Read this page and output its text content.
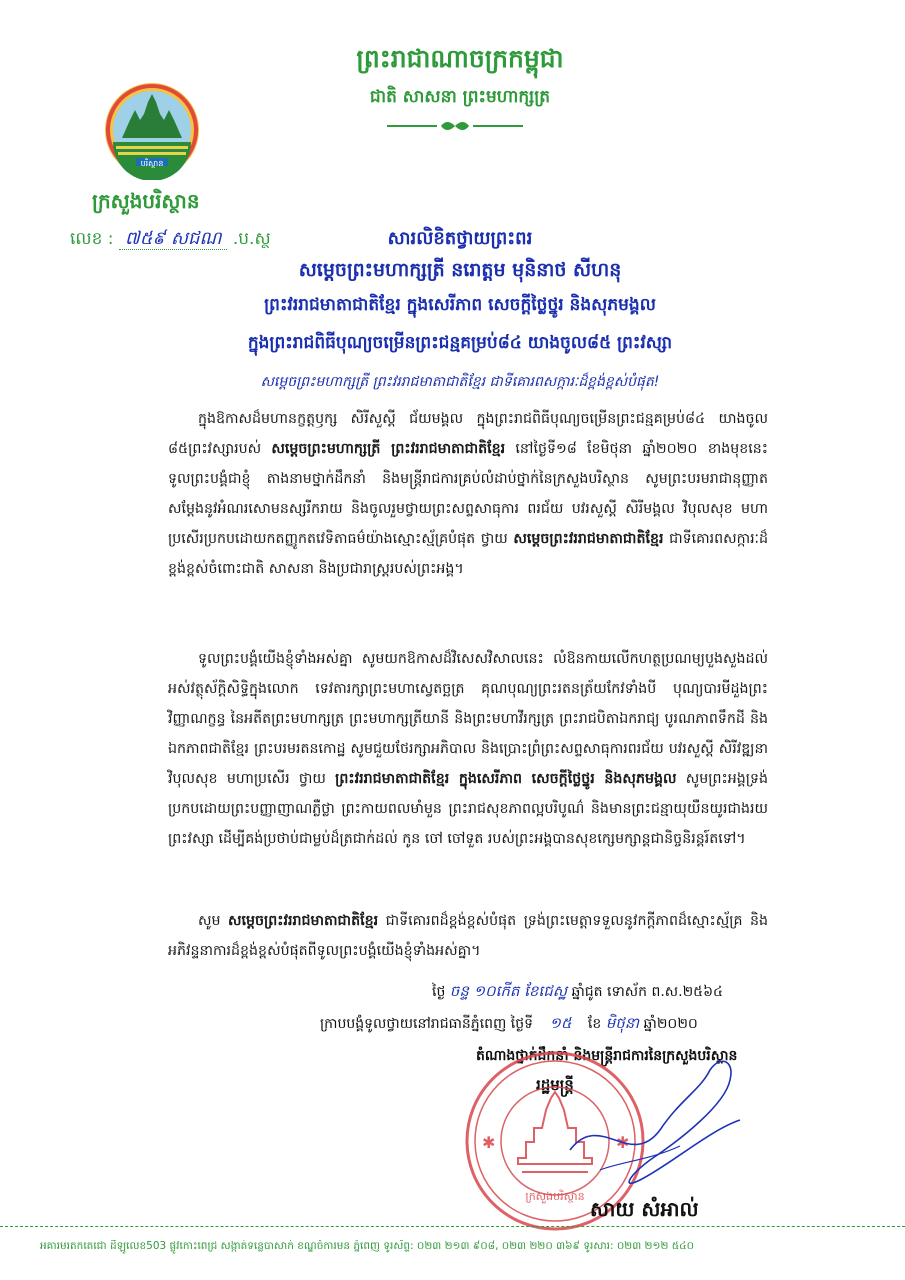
ព្រះរាជាណាចក្រកម្ពុជា
ជាតិ សាសនា ព្រះមហាក្សត្រ
បរិស្ថាន
ក្រសួងបរិស្ថាន
លេខ : ៧៥៩ សជណ .ប.ស្ថ	សារលិខិតថ្វាយព្រះពរ
សម្តេចព្រះមហាក្សត្រី នរោត្តម មុនិនាថ សីហនុ
ព្រះវររាជមាតាជាតិខ្មែរ ក្នុងសេរីភាព សេចក្តីថ្លៃថ្នូរ និងសុភមង្គល
ក្នុងព្រះរាជពិធីបុណ្យចម្រើនព្រះជន្មគម្រប់៨៤ យាងចូល៨៥ ព្រះវស្សា
សម្តេចព្រះមហាក្សត្រី ព្រះវររាជមាតាជាតិខ្មែរ ជាទីគោរពសក្ការៈដ៏ខ្ពង់ខ្ពស់បំផុត!
ក្នុងឱកាសដ៏មហានក្ខត្តឫក្ស សិរីសួស្តី ជ័យមង្គល ក្នុងព្រះរាជពិធីបុណ្យចម្រើនព្រះជន្មគម្រប់៨៤ យាងចូល ៨៥ព្រះវស្សារបស់ សម្តេចព្រះមហាក្សត្រី ព្រះវររាជមាតាជាតិខ្មែរ នៅថ្ងៃទី១៨ ខែមិថុនា ឆ្នាំ២០២០ ខាងមុខនេះ ទូលព្រះបង្គំជាខ្ញុំ តាងនាមថ្នាក់ដឹកនាំ និងមន្ត្រីរាជការគ្រប់លំដាប់ថ្នាក់នៃក្រសួងបរិស្ថាន សូមព្រះបរមរាជានុញ្ញាតសម្តែងនូវអំណរសោមនស្សរីករាយ និងចូលរួមថ្វាយព្រះសព្ទសាធុការ ពរជ័យ បវរសួស្តី សិរីមង្គល វិបុលសុខ មហាប្រសើរប្រកបដោយកតញ្ញូកតវេទិតាធម៌យ៉ាងស្មោះស្ម័គ្របំផុត ថ្វាយ សម្តេចព្រះវររាជមាតាជាតិខ្មែរ ជាទីគោរពសក្ការៈដ៏ខ្ពង់ខ្ពស់ចំពោះជាតិ សាសនា និងប្រជារាស្ត្ររបស់ព្រះអង្គ។
ទូលព្រះបង្គំយើងខ្ញុំទាំងអស់គ្នា សូមយកឱកាសដ៏វិសេសវិសាលនេះ លំឱនកាយលើកហត្ថប្រណម្យបួងសួងដល់អស់វត្ថុស័ក្តិសិទ្ធិក្នុងលោក ទេវតារក្សាព្រះមហាស្វេតច្ឆត្រ គុណបុណ្យព្រះរតនត្រ័យកែវទាំងបី បុណ្យបារមីដួងព្រះវិញ្ញាណក្ខន្ធ នៃអតីតព្រះមហាក្សត្រ ព្រះមហាក្សត្រីយានី និងព្រះមហាវីរក្សត្រ ព្រះរាជបិតាឯករាជ្យ បូរណភាពទឹកដី និងឯកភាពជាតិខ្មែរ ព្រះបរមរតនកោដ្ឋ សូមជួយថែរក្សាអភិបាល និងប្រោះព្រំព្រះសព្ទសាធុការពរជ័យ បវរសួស្តី សិរីវឌ្ឍនា វិបុលសុខ មហាប្រសើរ ថ្វាយ ព្រះវររាជមាតាជាតិខ្មែរ ក្នុងសេរីភាព សេចក្តីថ្លៃថ្នូរ និងសុភមង្គល សូមព្រះអង្គទ្រង់ប្រកបដោយព្រះបញ្ញាញាណភ្លឺថ្លា ព្រះកាយពលមាំមួន ព្រះរាជសុខភាពល្អបរិបូណ៌ និងមានព្រះជន្មាយុយឺនយូរជាងរយព្រះវស្សា ដើម្បីគង់ប្រថាប់ជាម្លប់ដ៏ត្រជាក់ដល់ កូន ចៅ ចៅទួត របស់ព្រះអង្គបានសុខក្សេមក្សាន្តជានិច្ចនិរន្តរ៍តទៅ។
សូម សម្តេចព្រះវររាជមាតាជាតិខ្មែរ ជាទីគោរពដ៏ខ្ពង់ខ្ពស់បំផុត ទ្រង់ព្រះមេត្តាទទួលនូវកក្តីភាពដ៏ស្មោះស្ម័គ្រ និងអភិវន្ទនាការដ៏ខ្ពង់ខ្ពស់បំផុតពីទូលព្រះបង្គំយើងខ្ញុំទាំងអស់គ្នា។
ថ្ងៃ ចន្ទ ១០កើត ខែជេស្ឋ ឆ្នាំជូត ទោស័ក ព.ស.២៥៦៤
ក្រាបបង្គំទូលថ្វាយនៅរាជធានីភ្នំពេញ ថ្ងៃទី ១៥ ខែ មិថុនា ឆ្នាំ២០២០
តំណាងថ្នាក់ដឹកនាំ និងមន្ត្រីរាជការនៃក្រសួងបរិស្ថាន
រដ្ឋមន្ត្រី
✱	✱
ក្រសួងបរិស្ថាន
សាយ សំអាល់
អគារមរតកតេជោ ដីឡូលេខ503 ផ្លូវកោះពេជ្រ សង្កាត់ទន្លេបាសាក់ ខណ្ឌចំការមន ភ្នំពេញ ទូរស័ព្ទ: ០២៣ ២១៣ ៩០៨, ០២៣ ២២០ ៣៦៩ ទូរសារ: ០២៣ ២១២ ៥៤០
